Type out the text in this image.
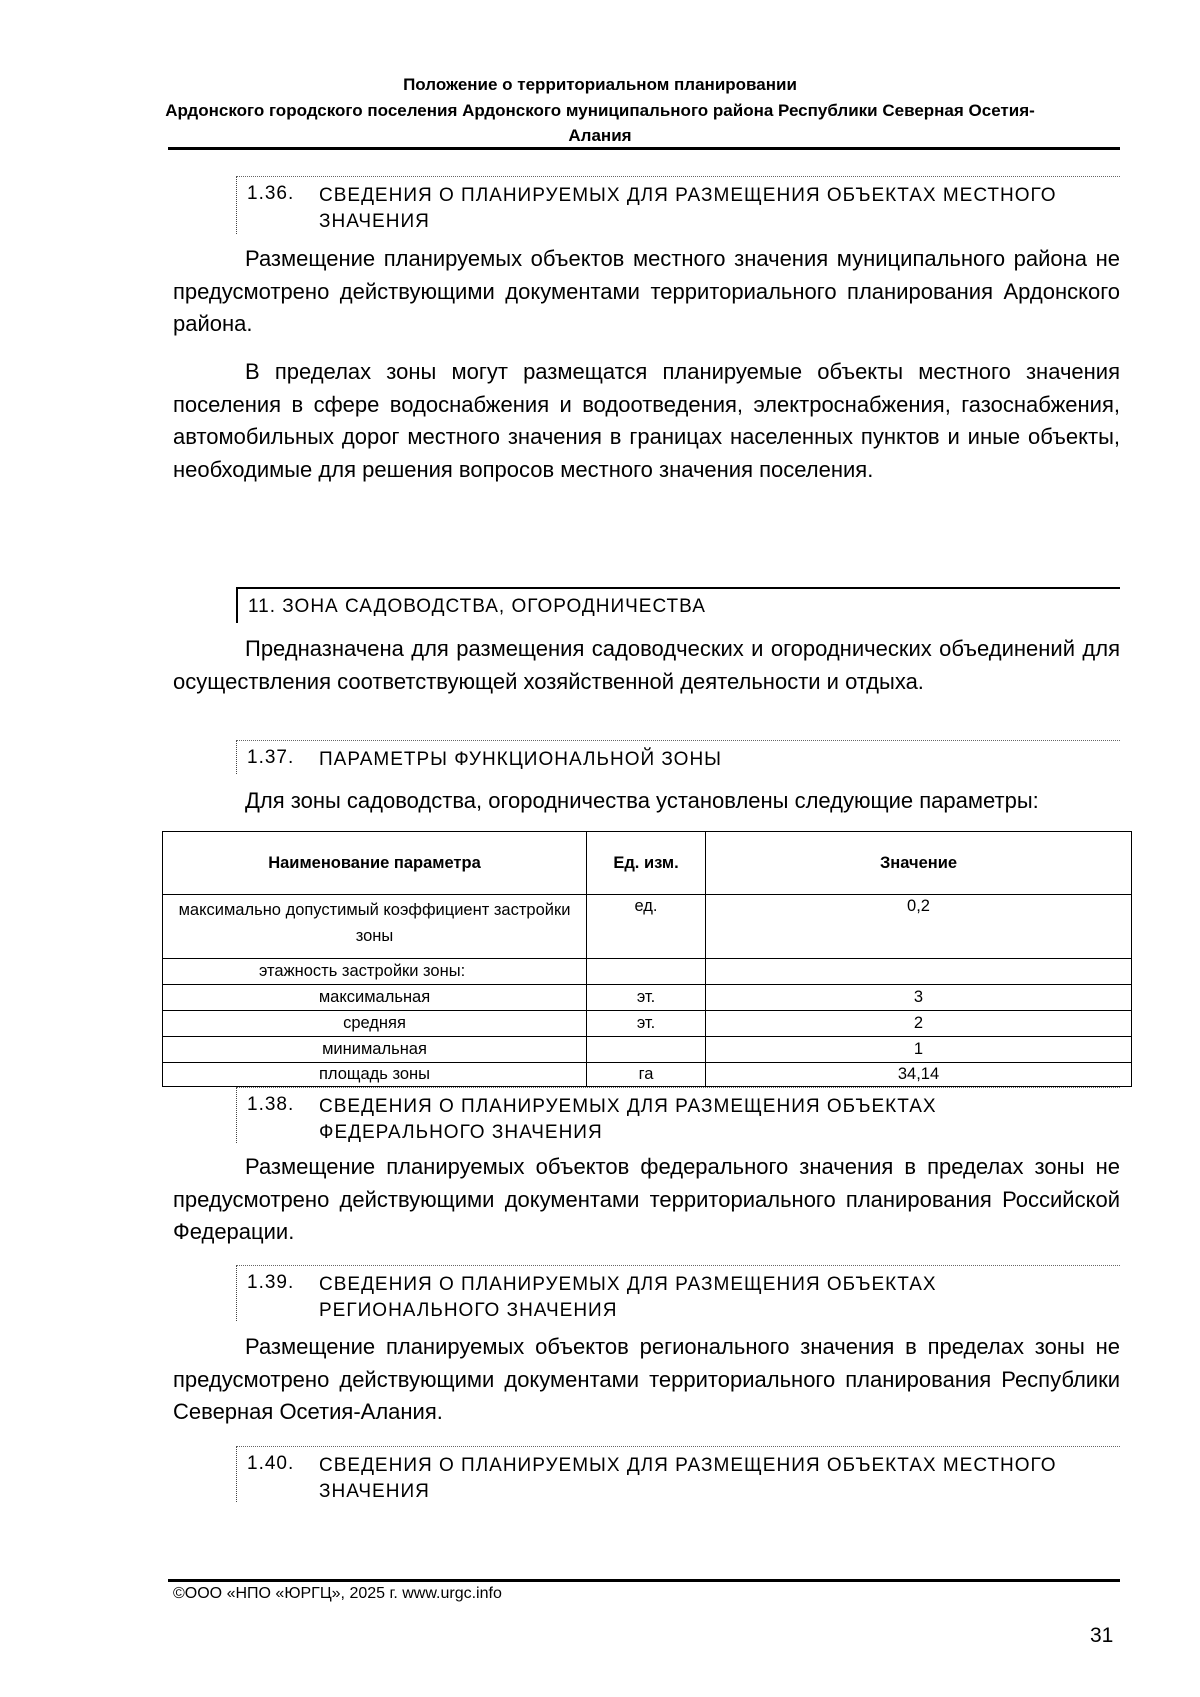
Положение о территориальном планировании
Ардонского городского поселения Ардонского муниципального района Республики Северная Осетия-
Алания
1.36. СВЕДЕНИЯ О ПЛАНИРУЕМЫХ ДЛЯ РАЗМЕЩЕНИЯ ОБЪЕКТАХ МЕСТНОГО ЗНАЧЕНИЯ
Размещение планируемых объектов местного значения муниципального района не предусмотрено действующими документами территориального планирования Ардонского района.
В пределах зоны могут размещатся планируемые объекты местного значения поселения в сфере водоснабжения и водоотведения, электроснабжения, газоснабжения, автомобильных дорог местного значения в границах населенных пунктов и иные объекты, необходимые для решения вопросов местного значения поселения.
11. ЗОНА САДОВОДСТВА, ОГОРОДНИЧЕСТВА
Предназначена для размещения садоводческих и огороднических объединений для осуществления соответствующей хозяйственной деятельности и отдыха.
1.37. ПАРАМЕТРЫ ФУНКЦИОНАЛЬНОЙ ЗОНЫ
Для зоны садоводства, огородничества установлены следующие параметры:
Наименование параметра	Ед. изм.	Значение
максимально допустимый коэффициент застройки зоны	ед.	0,2
этажность застройки зоны:		
максимальная	эт.	3
средняя	эт.	2
минимальная		1
площадь зоны	га	34,14
1.38. СВЕДЕНИЯ О ПЛАНИРУЕМЫХ ДЛЯ РАЗМЕЩЕНИЯ ОБЪЕКТАХ ФЕДЕРАЛЬНОГО ЗНАЧЕНИЯ
Размещение планируемых объектов федерального значения в пределах зоны не предусмотрено действующими документами территориального планирования Российской Федерации.
1.39. СВЕДЕНИЯ О ПЛАНИРУЕМЫХ ДЛЯ РАЗМЕЩЕНИЯ ОБЪЕКТАХ РЕГИОНАЛЬНОГО ЗНАЧЕНИЯ
Размещение планируемых объектов регионального значения в пределах зоны не предусмотрено действующими документами территориального планирования Республики Северная Осетия-Алания.
1.40. СВЕДЕНИЯ О ПЛАНИРУЕМЫХ ДЛЯ РАЗМЕЩЕНИЯ ОБЪЕКТАХ МЕСТНОГО ЗНАЧЕНИЯ
©ООО «НПО «ЮРГЦ», 2025 г. www.urgc.info
31
